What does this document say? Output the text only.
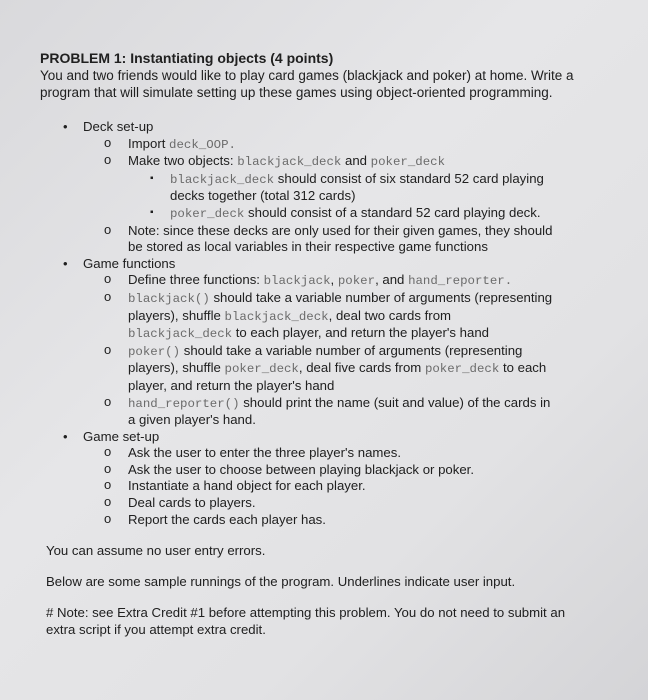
PROBLEM 1: Instantiating objects (4 points)
You and two friends would like to play card games (blackjack and poker) at home. Write a program that will simulate setting up these games using object-oriented programming.
• Deck set-up
o Import deck_OOP.
o Make two objects: blackjack_deck and poker_deck
▪ blackjack_deck should consist of six standard 52 card playing
decks together (total 312 cards)
▪ poker_deck should consist of a standard 52 card playing deck.
o Note: since these decks are only used for their given games, they should
be stored as local variables in their respective game functions
• Game functions
o Define three functions: blackjack, poker, and hand_reporter.
o blackjack() should take a variable number of arguments (representing
players), shuffle blackjack_deck, deal two cards from
blackjack_deck to each player, and return the player's hand
o poker() should take a variable number of arguments (representing
players), shuffle poker_deck, deal five cards from poker_deck to each
player, and return the player's hand
o hand_reporter() should print the name (suit and value) of the cards in
a given player's hand.
• Game set-up
o Ask the user to enter the three player's names.
o Ask the user to choose between playing blackjack or poker.
o Instantiate a hand object for each player.
o Deal cards to players.
o Report the cards each player has.
You can assume no user entry errors.
Below are some sample runnings of the program. Underlines indicate user input.
# Note: see Extra Credit #1 before attempting this problem. You do not need to submit an extra script if you attempt extra credit.
